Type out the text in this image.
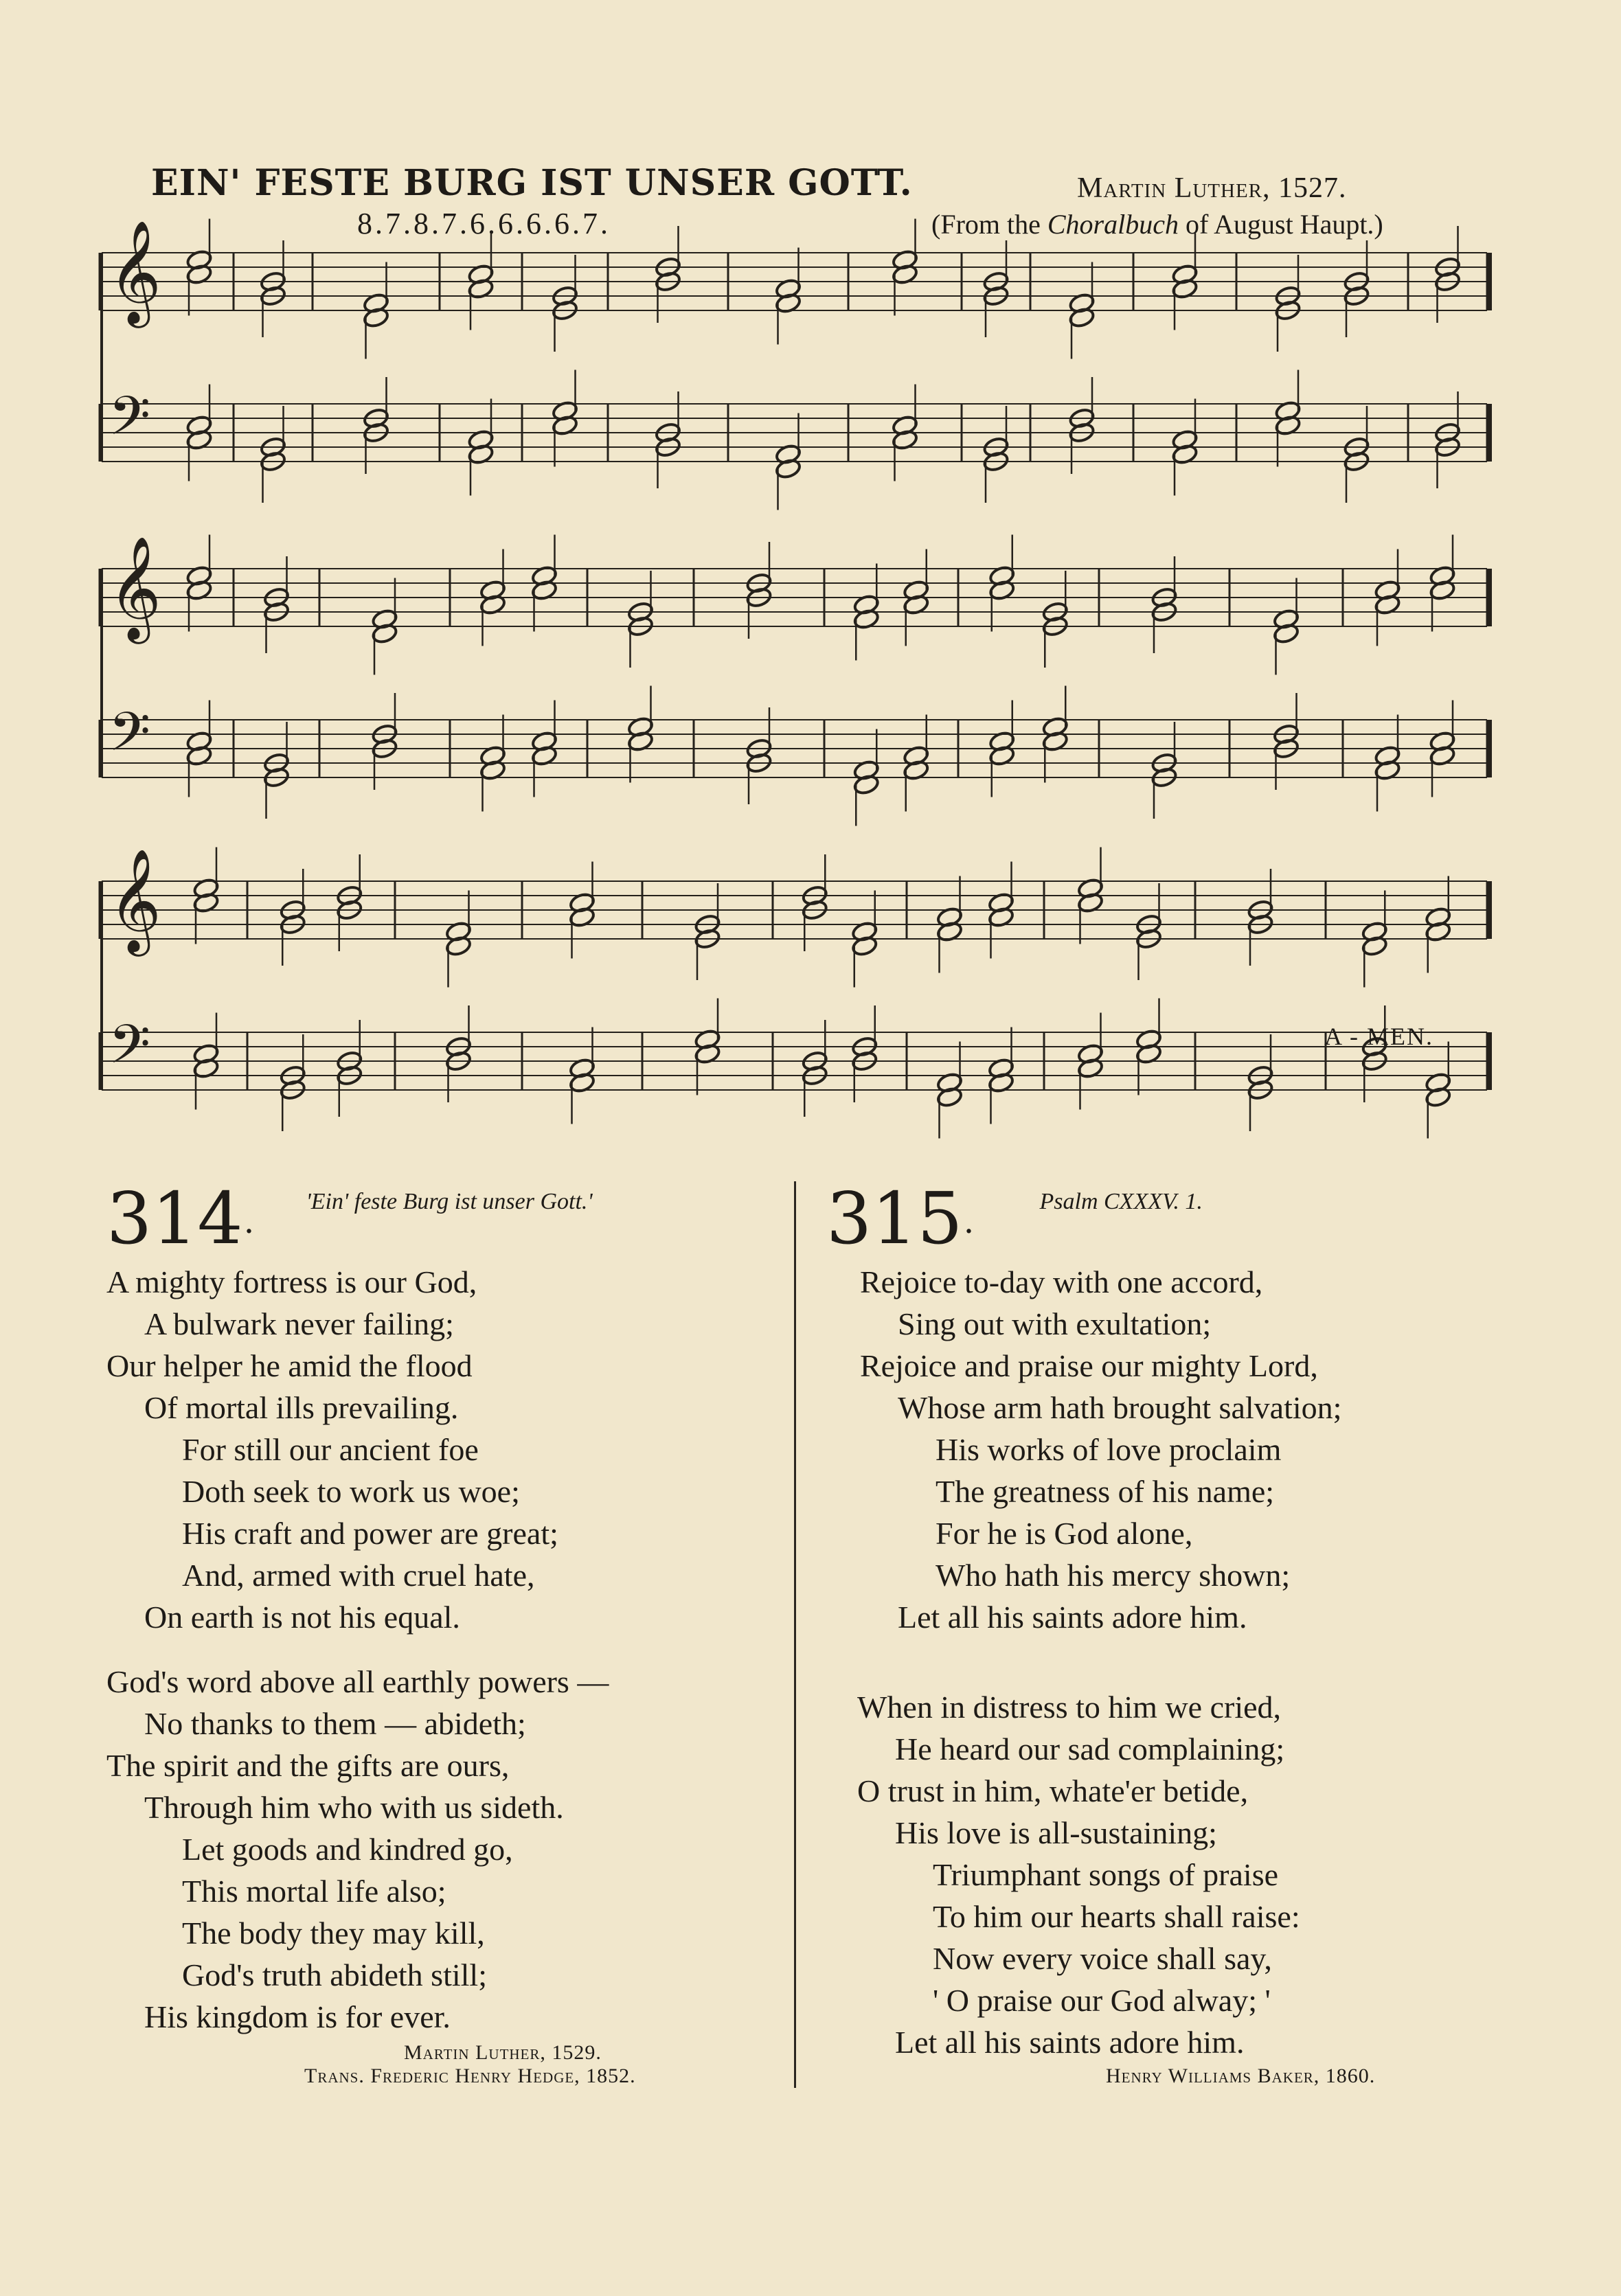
EIN' FESTE BURG IST UNSER GOTT.
8.7.8.7.6.6.6.6.7.
Martin Luther, 1527.
(From the Choralbuch of August Haupt.)
𝄞
𝄢
𝄞
𝄢
𝄞
𝄢	A - MEN.
314· 'Ein' feste Burg ist unser Gott.'
A mighty fortress is our God,
A bulwark never failing;
Our helper he amid the flood
Of mortal ills prevailing.
For still our ancient foe
Doth seek to work us woe;
His craft and power are great;
And, armed with cruel hate,
On earth is not his equal.
God's word above all earthly powers —
No thanks to them — abideth;
The spirit and the gifts are ours,
Through him who with us sideth.
Let goods and kindred go,
This mortal life also;
The body they may kill,
God's truth abideth still;
His kingdom is for ever.
Martin Luther, 1529.
Trans. Frederic Henry Hedge, 1852.
315· Psalm CXXXV. 1.
Rejoice to-day with one accord,
Sing out with exultation;
Rejoice and praise our mighty Lord,
Whose arm hath brought salvation;
His works of love proclaim
The greatness of his name;
For he is God alone,
Who hath his mercy shown;
Let all his saints adore him.
When in distress to him we cried,
He heard our sad complaining;
O trust in him, whate'er betide,
His love is all-sustaining;
Triumphant songs of praise
To him our hearts shall raise:
Now every voice shall say,
' O praise our God alway; '
Let all his saints adore him.
Henry Williams Baker, 1860.
